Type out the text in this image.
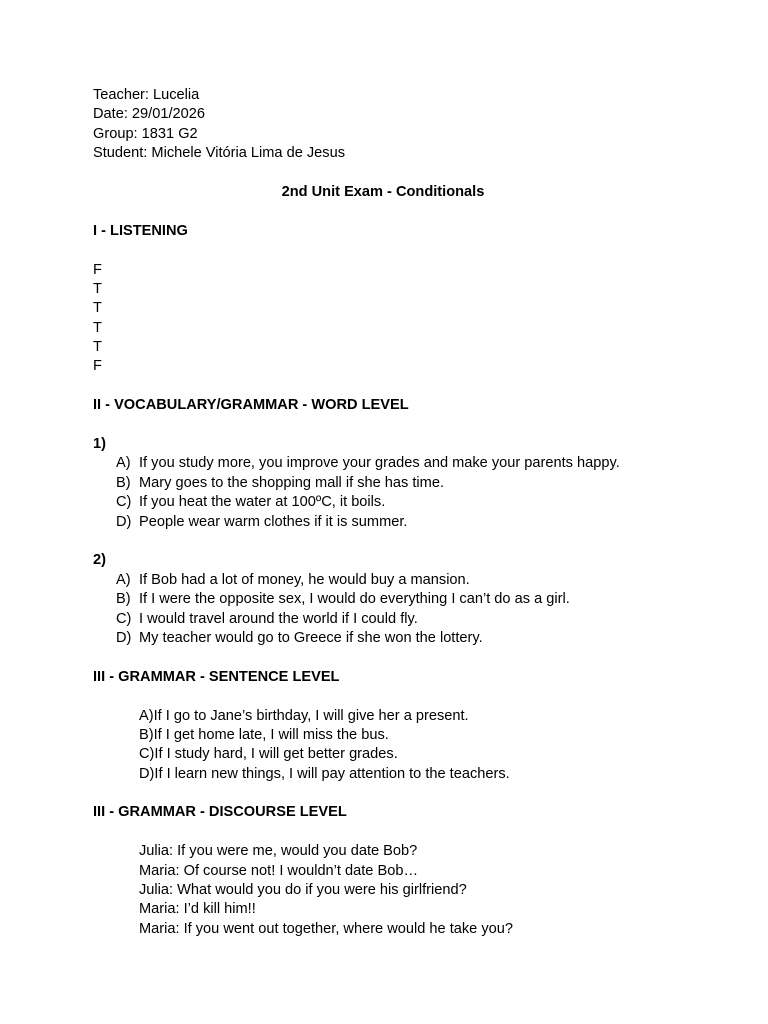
Teacher: Lucelia
Date: 29/01/2026
Group: 1831 G2
Student: Michele Vitória Lima de Jesus
2nd Unit Exam - Conditionals
I - LISTENING
F
T
T
T
T
F
II - VOCABULARY/GRAMMAR - WORD LEVEL
1)
A) If you study more, you improve your grades and make your parents happy.
B) Mary goes to the shopping mall if she has time.
C) If you heat the water at 100ºC, it boils.
D) People wear warm clothes if it is summer.
2)
A) If Bob had a lot of money, he would buy a mansion.
B) If I were the opposite sex, I would do everything I can’t do as a girl.
C) I would travel around the world if I could fly.
D) My teacher would go to Greece if she won the lottery.
III - GRAMMAR - SENTENCE LEVEL
A)If I go to Jane’s birthday, I will give her a present.
B)If I get home late, I will miss the bus.
C)If I study hard, I will get better grades.
D)If I learn new things, I will pay attention to the teachers.
III - GRAMMAR - DISCOURSE LEVEL
Julia: If you were me, would you date Bob?
Maria: Of course not! I wouldn’t date Bob…
Julia: What would you do if you were his girlfriend?
Maria: I’d kill him!!
Maria: If you went out together, where would he take you?
